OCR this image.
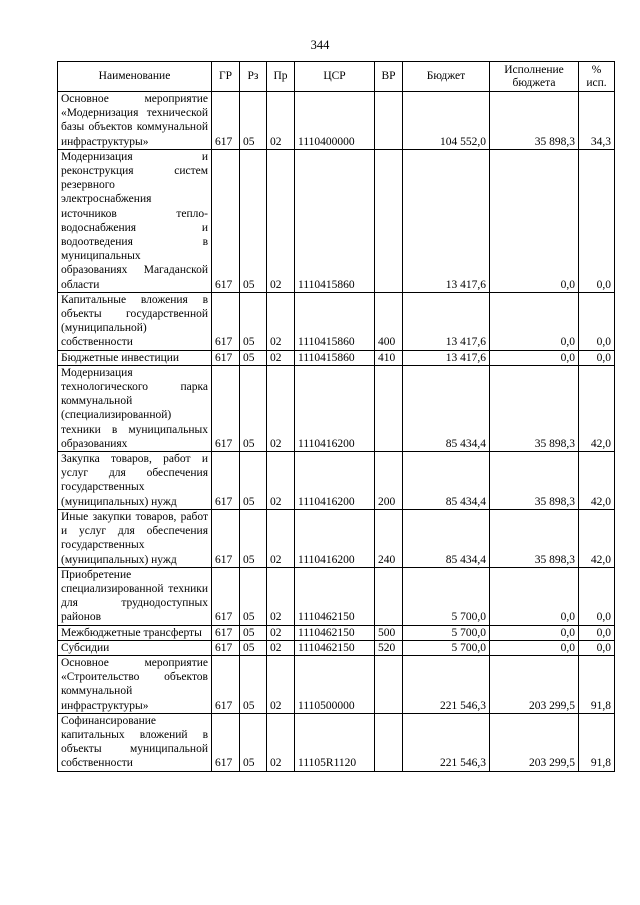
344
Наименование	ГР	Рз	Пр	ЦСР	ВР	Бюджет	Исполнение бюджета	% исп.

Основное мероприятие «Модернизация технической базы объектов коммунальной инфраструктуры»	617	05	02	1110400000		104 552,0	35 898,3	34,3

Модернизация и реконструкция систем резервного электроснабжения источников тепло-водоснабжения и водоотведения в муниципальных образованиях Магаданской области	617	05	02	1110415860		13 417,6	0,0	0,0

Капитальные вложения в объекты государственной (муниципальной) собственности	617	05	02	1110415860	400	13 417,6	0,0	0,0

Бюджетные инвестиции	617	05	02	1110415860	410	13 417,6	0,0	0,0

Модернизация технологического парка коммунальной (специализированной) техники в муниципальных образованиях	617	05	02	1110416200		85 434,4	35 898,3	42,0

Закупка товаров, работ и услуг для обеспечения государственных (муниципальных) нужд	617	05	02	1110416200	200	85 434,4	35 898,3	42,0

Иные закупки товаров, работ и услуг для обеспечения государственных (муниципальных) нужд	617	05	02	1110416200	240	85 434,4	35 898,3	42,0

Приобретение специализированной техники для труднодоступных районов	617	05	02	1110462150		5 700,0	0,0	0,0

Межбюджетные трансферты	617	05	02	1110462150	500	5 700,0	0,0	0,0

Субсидии	617	05	02	1110462150	520	5 700,0	0,0	0,0

Основное мероприятие «Строительство объектов коммунальной инфраструктуры»	617	05	02	1110500000		221 546,3	203 299,5	91,8

Софинансирование капитальных вложений в объекты муниципальной собственности	617	05	02	11105R1120		221 546,3	203 299,5	91,8
